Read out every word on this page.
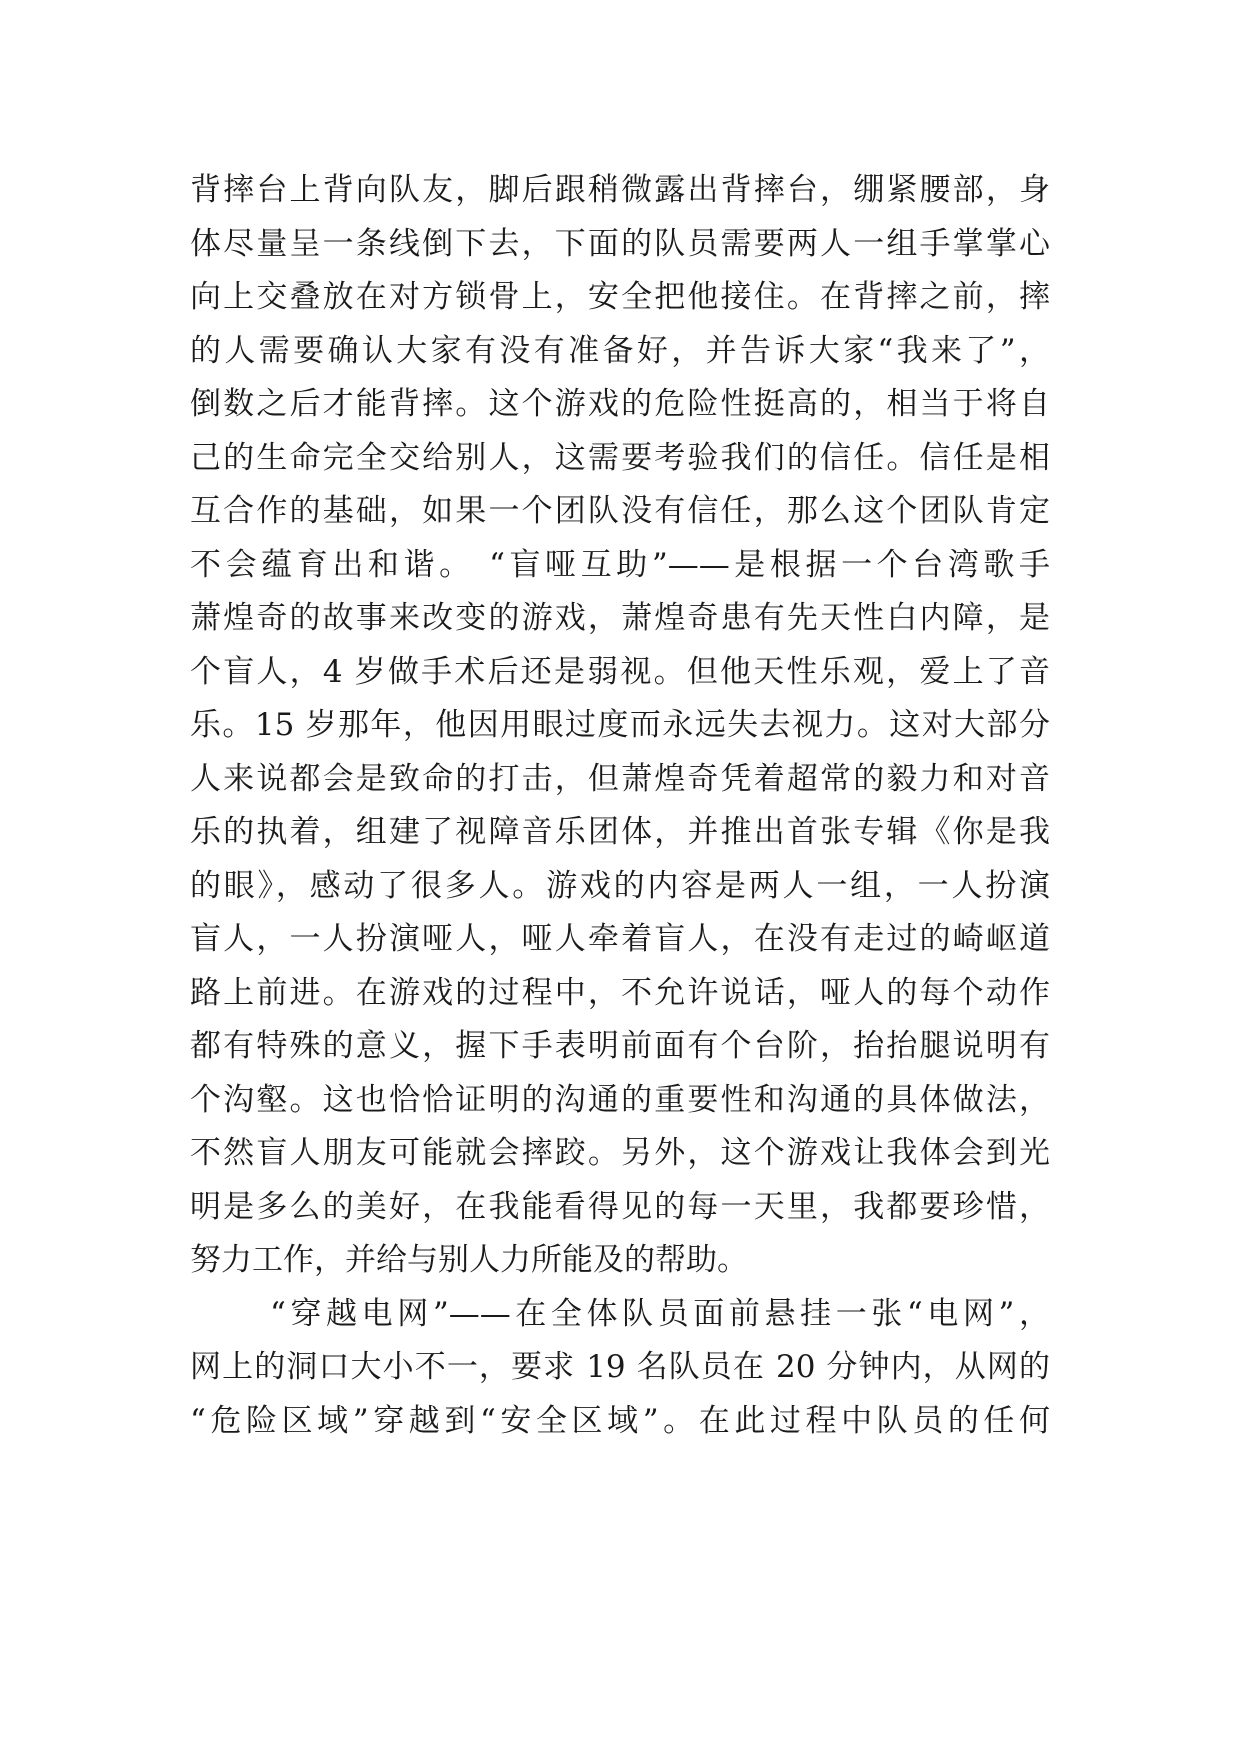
背摔台上背向队友，脚后跟稍微露出背摔台，绷紧腰部，身
体尽量呈一条线倒下去，下面的队员需要两人一组手掌掌心
向上交叠放在对方锁骨上，安全把他接住。在背摔之前，摔
的人需要确认大家有没有准备好，并告诉大家“我来了”，
倒数之后才能背摔。这个游戏的危险性挺高的，相当于将自
己的生命完全交给别人，这需要考验我们的信任。信任是相
互合作的基础，如果一个团队没有信任，那么这个团队肯定
不会蕴育出和谐。 “盲哑互助”——是根据一个台湾歌手
萧煌奇的故事来改变的游戏，萧煌奇患有先天性白内障，是
个盲人，4 岁做手术后还是弱视。但他天性乐观，爱上了音
乐。15 岁那年，他因用眼过度而永远失去视力。这对大部分
人来说都会是致命的打击，但萧煌奇凭着超常的毅力和对音
乐的执着，组建了视障音乐团体，并推出首张专辑《你是我
的眼》，感动了很多人。游戏的内容是两人一组，一人扮演
盲人，一人扮演哑人，哑人牵着盲人，在没有走过的崎岖道
路上前进。在游戏的过程中，不允许说话，哑人的每个动作
都有特殊的意义，握下手表明前面有个台阶，抬抬腿说明有
个沟壑。这也恰恰证明的沟通的重要性和沟通的具体做法，
不然盲人朋友可能就会摔跤。另外，这个游戏让我体会到光
明是多么的美好，在我能看得见的每一天里，我都要珍惜，
努力工作，并给与别人力所能及的帮助。
“穿越电网”——在全体队员面前悬挂一张“电网”，
网上的洞口大小不一，要求 19 名队员在 20 分钟内，从网的
“危险区域”穿越到“安全区域”。在此过程中队员的任何
